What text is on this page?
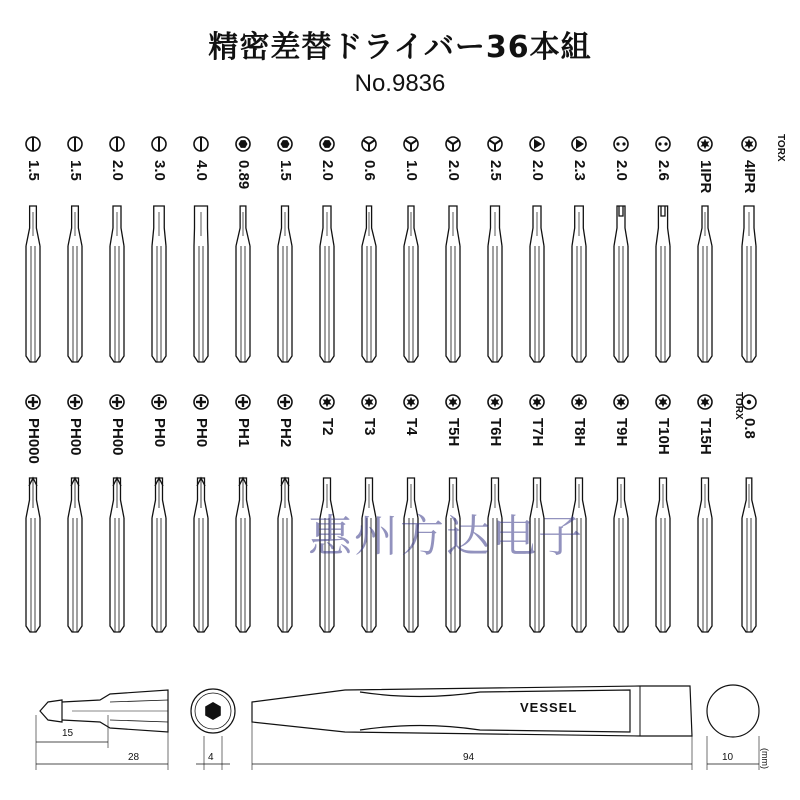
精密差替ドライバー36本組
No.9836
1.5 1.5 2.0 3.0 4.0 0.89 1.5 2.0 0.6 1.0 2.0 2.5 2.0 2.3 2.0 2.6 1IPR 4IPR
PH000 PH00 PH00 PH0 PH0 PH1 PH2 T2 T3 T4 T5H T6H T7H T8H T9H T10H T15H 0.8
TORX
TORX
惠州方达电子
VESSEL
15
28	4	94	10	(mm)
